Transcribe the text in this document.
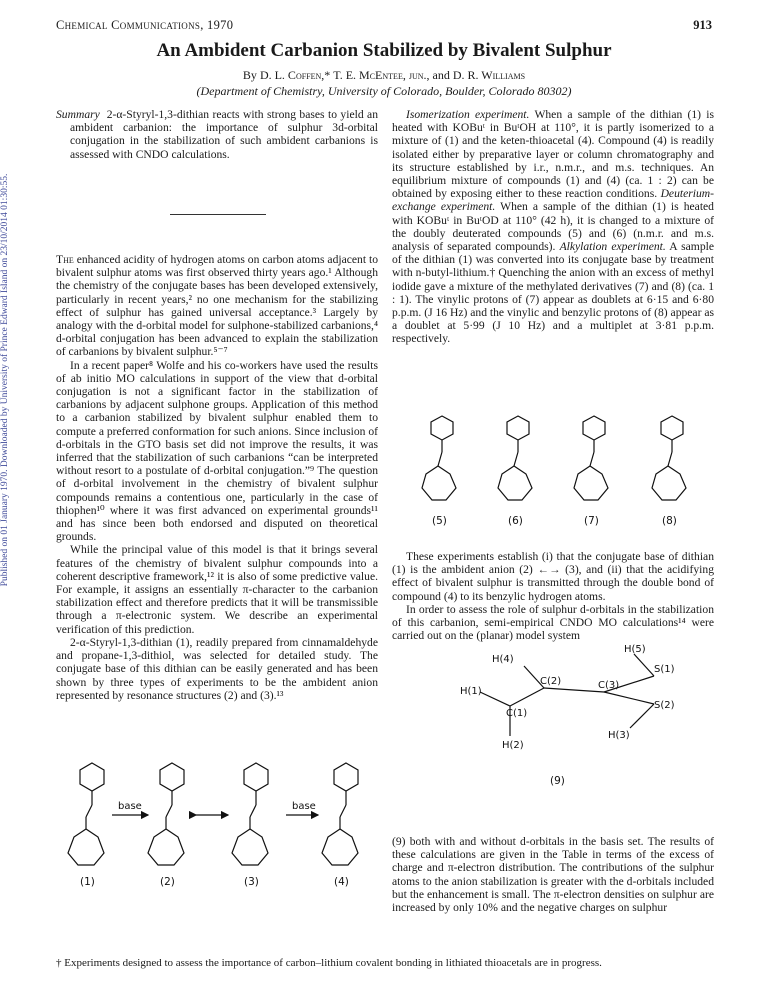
Chemical Communications, 1970	913
Published on 01 January 1970. Downloaded by University of Prince Edward Island on 23/10/2014 01:30:55.
An Ambident Carbanion Stabilized by Bivalent Sulphur
By D. L. Coffen,* T. E. McEntee, jun., and D. R. Williams
(Department of Chemistry, University of Colorado, Boulder, Colorado 80302)
Summary 2-α-Styryl-1,3-dithian reacts with strong bases to yield an ambident carbanion: the importance of sulphur 3d-orbital conjugation in the stabilization of such ambident carbanions is assessed with CNDO calculations.

The enhanced acidity of hydrogen atoms on carbon atoms adjacent to bivalent sulphur atoms was first observed thirty years ago.¹ Although the chemistry of the conjugate bases has been developed extensively, particularly in recent years,² no one mechanism for the stabilizing effect of sulphur has gained universal acceptance.³ Largely by analogy with the d-orbital model for sulphone-stabilized carbanions,⁴ d-orbital conjugation has been advanced to explain the stabilization of carbanions by bivalent sulphur.⁵⁻⁷

In a recent paper⁸ Wolfe and his co-workers have used the results of ab initio MO calculations in support of the view that d-orbital conjugation is not a significant factor in the stabilization of carbanions by adjacent sulphone groups. Application of this method to a carbanion stabilized by bivalent sulphur enabled them to compute a preferred conformation for such anions. Since inclusion of d-orbitals in the GTO basis set did not improve the results, it was inferred that the stabilization of such carbanions “can be interpreted without resort to a postulate of d-orbital conjugation.”⁹ The question of d-orbital involvement in the chemistry of bivalent sulphur compounds remains a contentious one, particularly in the case of thiophen¹⁰ where it was first advanced on experimental grounds¹¹ and has since been both endorsed and disputed on theoretical grounds.

While the principal value of this model is that it brings several features of the chemistry of bivalent sulphur compounds into a coherent descriptive framework,¹² it is also of some predictive value. For example, it assigns an essentially π-character to the carbanion stabilization effect and therefore predicts that it will be transmissible through a π-electronic system. We describe an experimental verification of this prediction.

2-α-Styryl-1,3-dithian (1), readily prepared from cinnamaldehyde and propane-1,3-dithiol, was selected for detailed study. The conjugate base of this dithian can be easily generated and has been shown by three types of experiments to be the ambident anion represented by resonance structures (2) and (3).¹³

base	base
(1)	(2)	(3)	(4)

Isomerization experiment. When a sample of the dithian (1) is heated with KOBuᵗ in BuᵗOH at 110°, it is partly isomerized to a mixture of (1) and the keten-thioacetal (4). Compound (4) is readily isolated either by preparative layer or column chromatography and its structure established by i.r., n.m.r., and m.s. techniques. An equilibrium mixture of compounds (1) and (4) (ca. 1 : 2) can be obtained by exposing either to these reaction conditions. Deuterium-exchange experiment. When a sample of the dithian (1) is heated with KOBuᵗ in BuᵗOD at 110° (42 h), it is changed to a mixture of the doubly deuterated compounds (5) and (6) (n.m.r. and m.s. analysis of separated compounds). Alkylation experiment. A sample of the dithian (1) was converted into its conjugate base by treatment with n-butyl-lithium.† Quenching the anion with an excess of methyl iodide gave a mixture of the methylated derivatives (7) and (8) (ca. 1 : 1). The vinylic protons of (7) appear as doublets at 6·15 and 6·80 p.p.m. (J 16 Hz) and the vinylic and benzylic protons of (8) appear as a doublet at 5·99 (J 10 Hz) and a multiplet at 3·81 p.p.m. respectively.

(5)	(6)	(7)	(8)

These experiments establish (i) that the conjugate base of dithian (1) is the ambident anion (2) ←→ (3), and (ii) that the acidifying effect of bivalent sulphur is transmitted through the double bond of compound (4) to its benzylic hydrogen atoms.

In order to assess the role of sulphur d-orbitals in the stabilization of this carbanion, semi-empirical CNDO MO calculations¹⁴ were carried out on the (planar) model system

H(4)
H(1)
C(1)
H(2)
C(2)	C(3)
H(5)
S(1)
S(2)
H(3)
(9)

(9) both with and without d-orbitals in the basis set. The results of these calculations are given in the Table in terms of the excess of charge and π-electron distribution. The contributions of the sulphur atoms to the anion stabilization is greater with the d-orbitals included but the enhancement is small. The π-electron densities on sulphur are increased by only 10% and the negative charges on sulphur

† Experiments designed to assess the importance of carbon–lithium covalent bonding in lithiated thioacetals are in progress.
